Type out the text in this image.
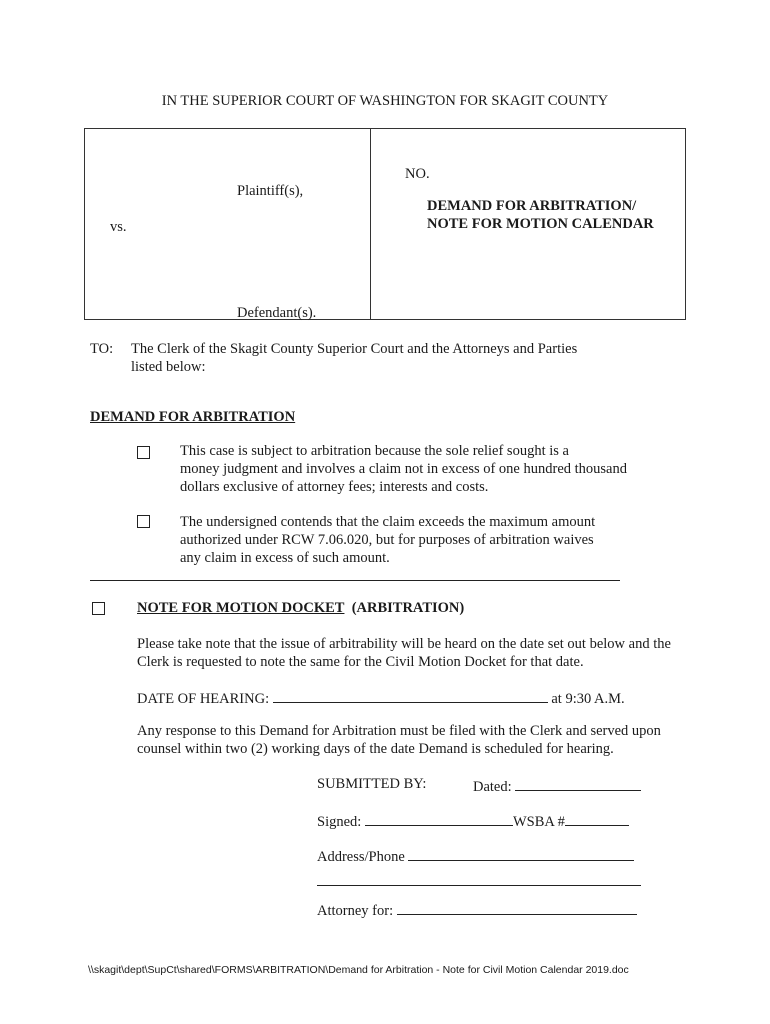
IN THE SUPERIOR COURT OF WASHINGTON FOR SKAGIT COUNTY
Plaintiff(s),
vs.
Defendant(s).
NO.
DEMAND FOR ARBITRATION/
NOTE FOR MOTION CALENDAR
TO: The Clerk of the Skagit County Superior Court and the Attorneys and Parties
listed below:
DEMAND FOR ARBITRATION
This case is subject to arbitration because the sole relief sought is a
money judgment and involves a claim not in excess of one hundred thousand
dollars exclusive of attorney fees; interests and costs.
The undersigned contends that the claim exceeds the maximum amount
authorized under RCW 7.06.020, but for purposes of arbitration waives
any claim in excess of such amount.
NOTE FOR MOTION DOCKET (ARBITRATION)
Please take note that the issue of arbitrability will be heard on the date set out below and the
Clerk is requested to note the same for the Civil Motion Docket for that date.
DATE OF HEARING:	at 9:30 A.M.
Any response to this Demand for Arbitration must be filed with the Clerk and served upon
counsel within two (2) working days of the date Demand is scheduled for hearing.
SUBMITTED BY:	Dated:
Signed:	WSBA #
Address/Phone
Attorney for:
\\skagit\dept\SupCt\shared\FORMS\ARBITRATION\Demand for Arbitration - Note for Civil Motion Calendar 2019.doc
